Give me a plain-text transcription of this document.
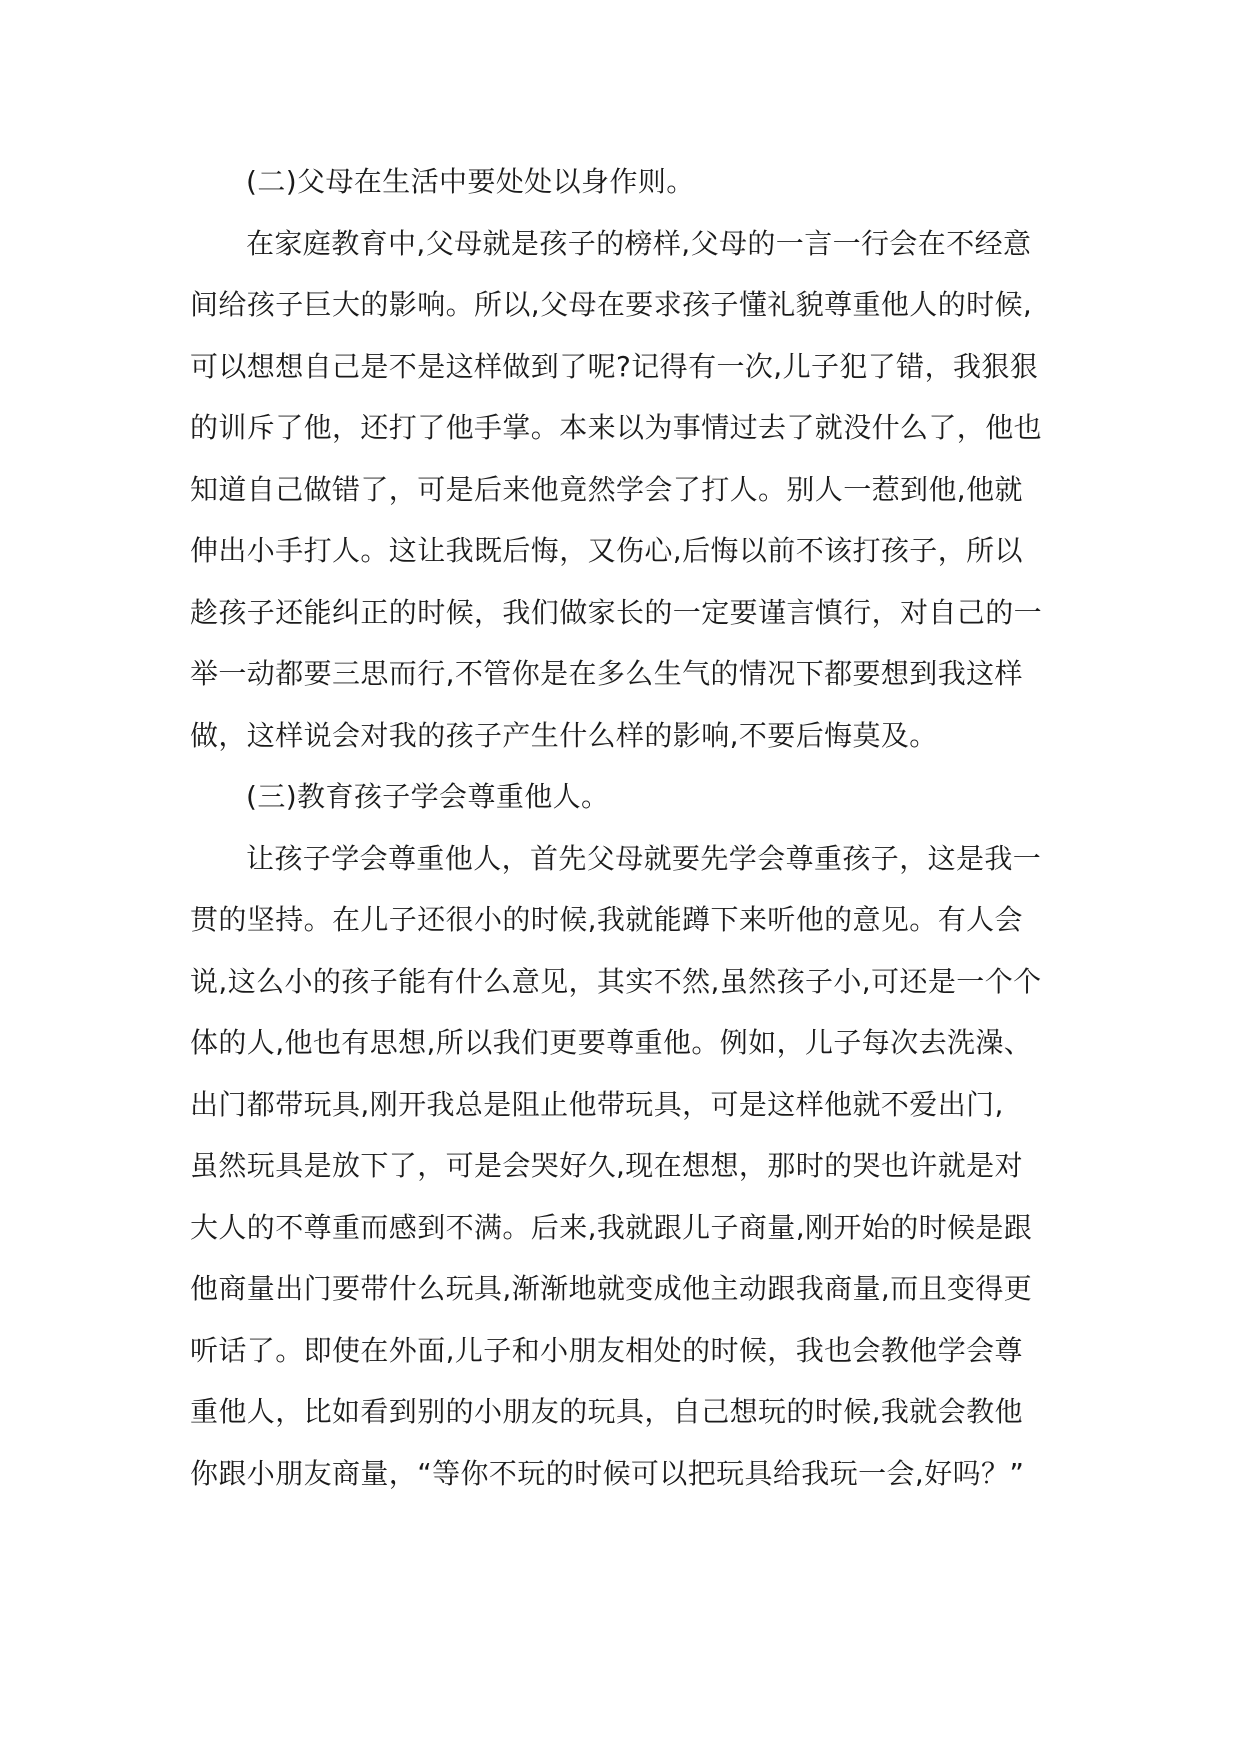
(二)父母在生活中要处处以身作则。
在家庭教育中,父母就是孩子的榜样,父母的一言一行会在不经意
间给孩子巨大的影响。所以,父母在要求孩子懂礼貌尊重他人的时候,
可以想想自己是不是这样做到了呢?记得有一次,儿子犯了错，我狠狠
的训斥了他，还打了他手掌。本来以为事情过去了就没什么了，他也
知道自己做错了，可是后来他竟然学会了打人。别人一惹到他,他就
伸出小手打人。这让我既后悔，又伤心,后悔以前不该打孩子，所以
趁孩子还能纠正的时候，我们做家长的一定要谨言慎行，对自己的一
举一动都要三思而行,不管你是在多么生气的情况下都要想到我这样
做，这样说会对我的孩子产生什么样的影响,不要后悔莫及。
(三)教育孩子学会尊重他人。
让孩子学会尊重他人，首先父母就要先学会尊重孩子，这是我一
贯的坚持。在儿子还很小的时候,我就能蹲下来听他的意见。有人会
说,这么小的孩子能有什么意见，其实不然,虽然孩子小,可还是一个个
体的人,他也有思想,所以我们更要尊重他。例如，儿子每次去洗澡、
出门都带玩具,刚开我总是阻止他带玩具，可是这样他就不爱出门,
虽然玩具是放下了，可是会哭好久,现在想想，那时的哭也许就是对
大人的不尊重而感到不满。后来,我就跟儿子商量,刚开始的时候是跟
他商量出门要带什么玩具,渐渐地就变成他主动跟我商量,而且变得更
听话了。即使在外面,儿子和小朋友相处的时候，我也会教他学会尊
重他人，比如看到别的小朋友的玩具，自己想玩的时候,我就会教他
你跟小朋友商量，“等你不玩的时候可以把玩具给我玩一会,好吗？”
